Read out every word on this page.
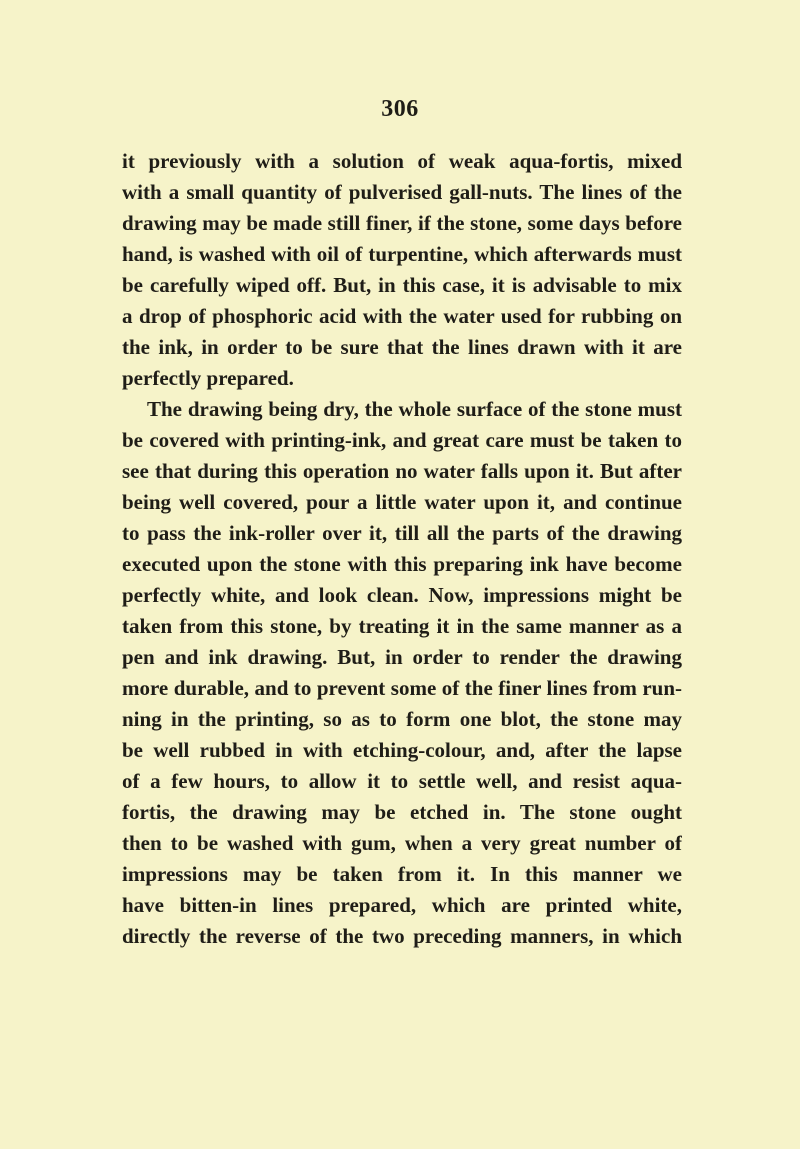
306
it previously with a solution of weak aqua-fortis, mixed
with a small quantity of pulverised gall-nuts. The lines of the
drawing may be made still finer, if the stone, some days before
hand, is washed with oil of turpentine, which afterwards must
be carefully wiped off. But, in this case, it is advisable to mix
a drop of phosphoric acid with the water used for rubbing on
the ink, in order to be sure that the lines drawn with it are
perfectly prepared.
The drawing being dry, the whole surface of the stone must
be covered with printing-ink, and great care must be taken to
see that during this operation no water falls upon it. But after
being well covered, pour a little water upon it, and continue
to pass the ink-roller over it, till all the parts of the drawing
executed upon the stone with this preparing ink have become
perfectly white, and look clean. Now, impressions might be
taken from this stone, by treating it in the same manner as a
pen and ink drawing. But, in order to render the drawing
more durable, and to prevent some of the finer lines from run-
ning in the printing, so as to form one blot, the stone may
be well rubbed in with etching-colour, and, after the lapse
of a few hours, to allow it to settle well, and resist aqua-
fortis, the drawing may be etched in. The stone ought
then to be washed with gum, when a very great number of
impressions may be taken from it. In this manner we
have bitten-in lines prepared, which are printed white,
directly the reverse of the two preceding manners, in which
